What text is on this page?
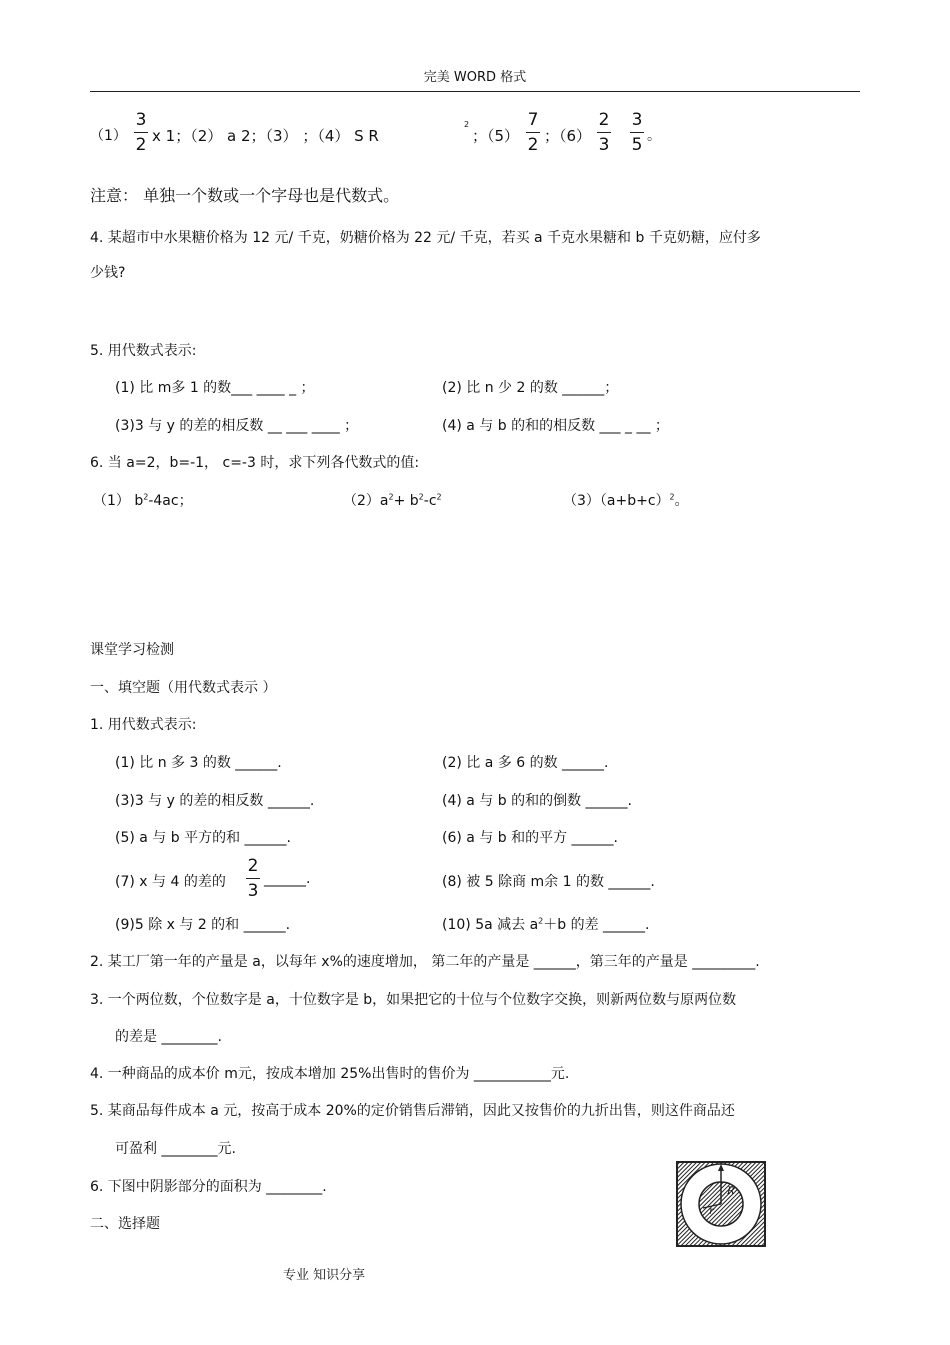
完美 WORD 格式
（1）
3
2 x 1；（2） a 2；（3） ；（4） S R
2
；（5）
7
2 ；（6）
2
3
3
5 。
注意： 单独一个数或一个字母也是代数式。
4. 某超市中水果糖价格为 12 元/ 千克，奶糖价格为 22 元/ 千克，若买 a 千克水果糖和 b 千克奶糖，应付多
少钱?
5. 用代数式表示:
(1) 比 m多 1 的数___ ____ _ ；	(2) 比 n 少 2 的数 ______；
(3)3 与 y 的差的相反数 __ ___ ____ ；	(4) a 与 b 的和的相反数 ___ _ __ ；
6. 当 a=2，b=-1， c=-3 时，求下列各代数式的值:
（1） $b^2-4ac$；	$(2)a^2+ b^2-c^2$	$(3)(a+b+c)^2$。
课堂学习检测
一、填空题（用代数式表示 ）
1. 用代数式表示:
(1) 比 n 多 3 的数 ______.	(2) 比 a 多 6 的数 ______.
(3)3 与 y 的差的相反数 ______.	(4) a 与 b 的和的倒数 ______.
(5) a 与 b 平方的和 ______.	(6) a 与 b 和的平方 ______.
(7) x 与 4 的差的
2
3
______.	(8) 被 5 除商 m余 1 的数 ______.
(9)5 除 x 与 2 的和 ______.	(10) 5a 减去 $a^2+b$ 的差 ______.
2. 某工厂第一年的产量是 a，以每年 x%的速度增加， 第二年的产量是 ______，第三年的产量是 _________.
3. 一个两位数，个位数字是 a，十位数字是 b，如果把它的十位与个位数字交换，则新两位数与原两位数
的差是 ________.
4. 一种商品的成本价 m元，按成本增加 25%出售时的售价为 ___________元.
5. 某商品每件成本 a 元，按高于成本 20%的定价销售后滞销，因此又按售价的九折出售，则这件商品还
可盈利 ________元.
6. 下图中阴影部分的面积为 ________.
二、选择题
R
r
专业 知识分享
